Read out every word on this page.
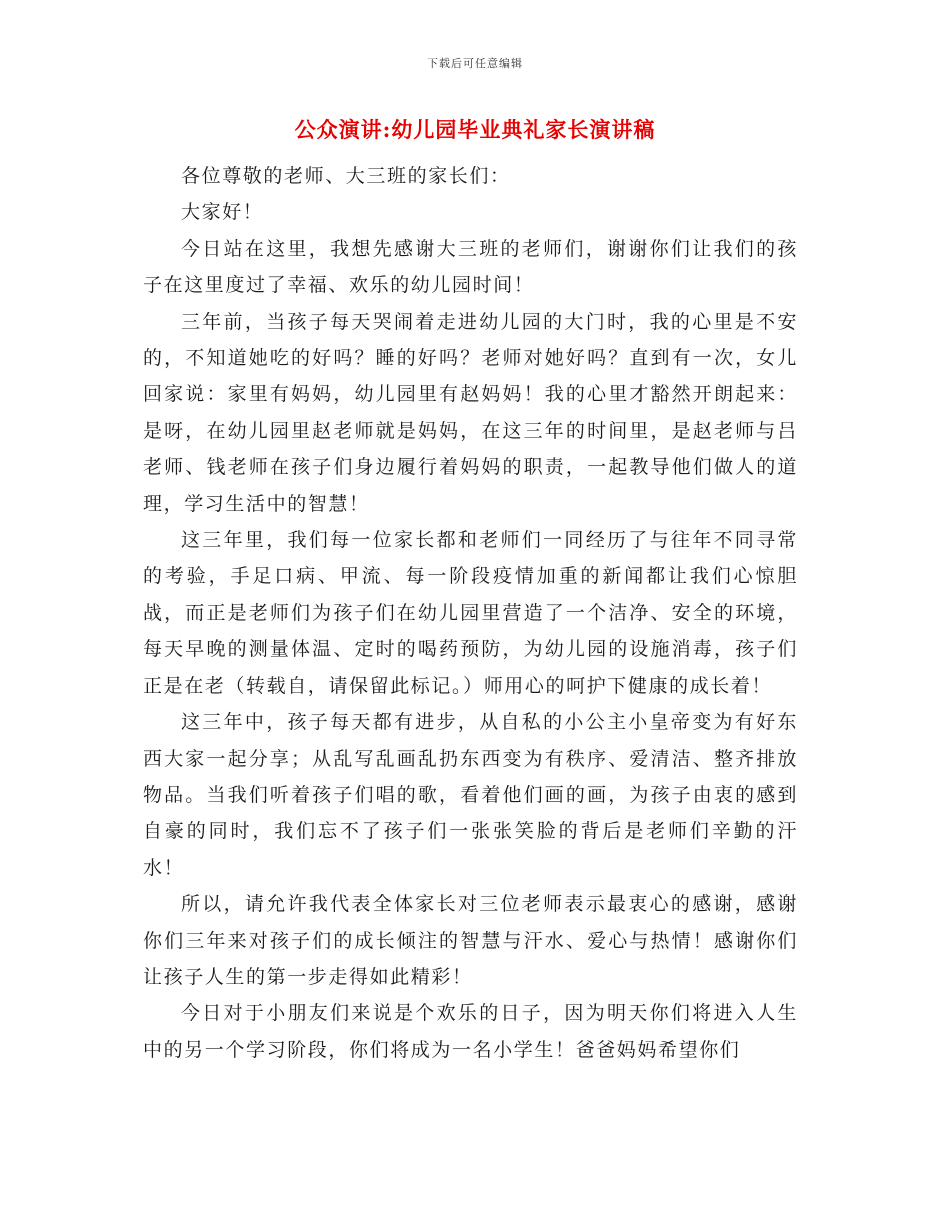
下载后可任意编辑
公众演讲:幼儿园毕业典礼家长演讲稿

各位尊敬的老师、大三班的家长们：

大家好！

今日站在这里，我想先感谢大三班的老师们，谢谢你们让我们的孩子在这里度过了幸福、欢乐的幼儿园时间！

三年前，当孩子每天哭闹着走进幼儿园的大门时，我的心里是不安的，不知道她吃的好吗？睡的好吗？老师对她好吗？直到有一次，女儿回家说：家里有妈妈，幼儿园里有赵妈妈！我的心里才豁然开朗起来：是呀，在幼儿园里赵老师就是妈妈，在这三年的时间里，是赵老师与吕老师、钱老师在孩子们身边履行着妈妈的职责，一起教导他们做人的道理，学习生活中的智慧！

这三年里，我们每一位家长都和老师们一同经历了与往年不同寻常的考验，手足口病、甲流、每一阶段疫情加重的新闻都让我们心惊胆战，而正是老师们为孩子们在幼儿园里营造了一个洁净、安全的环境，每天早晚的测量体温、定时的喝药预防，为幼儿园的设施消毒，孩子们正是在老（转载自，请保留此标记。）师用心的呵护下健康的成长着！

这三年中，孩子每天都有进步，从自私的小公主小皇帝变为有好东西大家一起分享；从乱写乱画乱扔东西变为有秩序、爱清洁、整齐排放物品。当我们听着孩子们唱的歌，看着他们画的画，为孩子由衷的感到自豪的同时，我们忘不了孩子们一张张笑脸的背后是老师们辛勤的汗水！

所以，请允许我代表全体家长对三位老师表示最衷心的感谢，感谢你们三年来对孩子们的成长倾注的智慧与汗水、爱心与热情！感谢你们让孩子人生的第一步走得如此精彩！

今日对于小朋友们来说是个欢乐的日子，因为明天你们将进入人生中的另一个学习阶段，你们将成为一名小学生！爸爸妈妈希望你们
